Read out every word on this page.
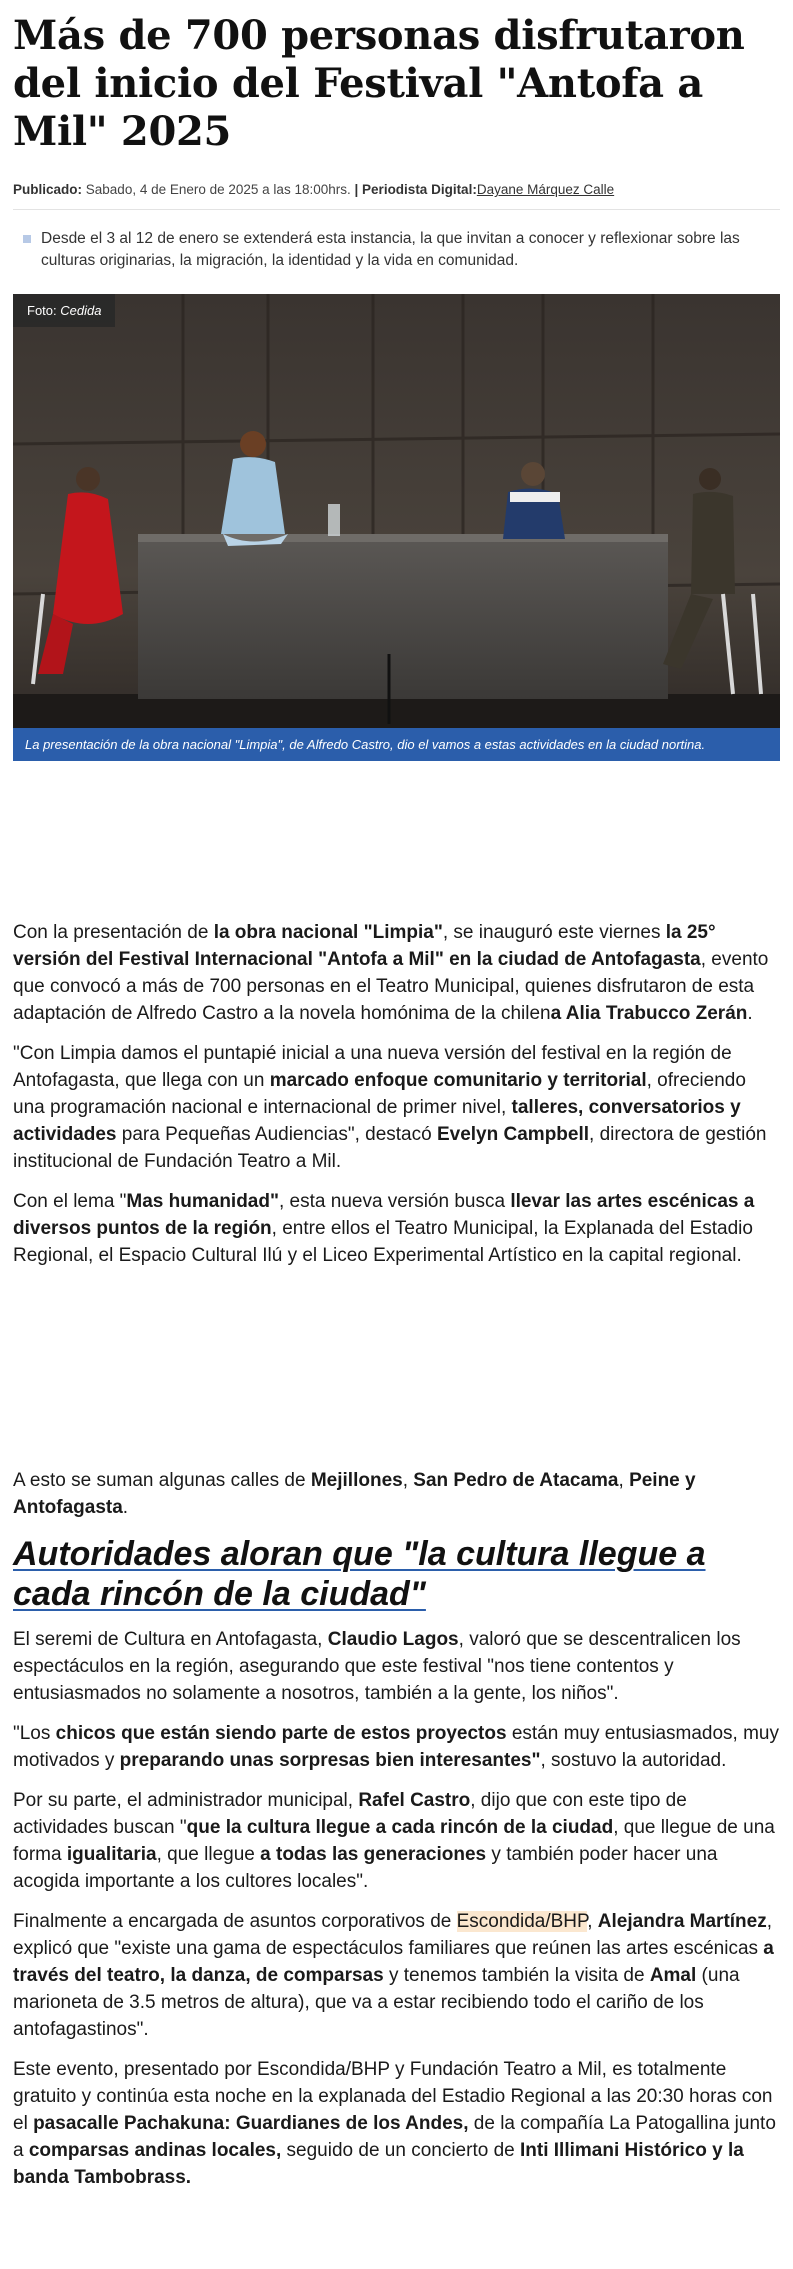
Más de 700 personas disfrutaron del inicio del Festival "Antofa a Mil" 2025
Publicado: Sabado, 4 de Enero de 2025 a las 18:00hrs. | Periodista Digital:Dayane Márquez Calle
Desde el 3 al 12 de enero se extenderá esta instancia, la que invitan a conocer y reflexionar sobre las culturas originarias, la migración, la identidad y la vida en comunidad.
Foto: Cedida
La presentación de la obra nacional "Limpia", de Alfredo Castro, dio el vamos a estas actividades en la ciudad nortina.

Con la presentación de la obra nacional "Limpia", se inauguró este viernes la 25° versión del Festival Internacional "Antofa a Mil" en la ciudad de Antofagasta, evento que convocó a más de 700 personas en el Teatro Municipal, quienes disfrutaron de esta adaptación de Alfredo Castro a la novela homónima de la chilena Alia Trabucco Zerán.

"Con Limpia damos el puntapié inicial a una nueva versión del festival en la región de Antofagasta, que llega con un marcado enfoque comunitario y territorial, ofreciendo una programación nacional e internacional de primer nivel, talleres, conversatorios y actividades para Pequeñas Audiencias", destacó Evelyn Campbell, directora de gestión institucional de Fundación Teatro a Mil.

Con el lema "Mas humanidad", esta nueva versión busca llevar las artes escénicas a diversos puntos de la región, entre ellos el Teatro Municipal, la Explanada del Estadio Regional, el Espacio Cultural Ilú y el Liceo Experimental Artístico en la capital regional.

A esto se suman algunas calles de Mejillones, San Pedro de Atacama, Peine y Antofagasta.

Autoridades aloran que "la cultura llegue a cada rincón de la ciudad"

El seremi de Cultura en Antofagasta, Claudio Lagos, valoró que se descentralicen los espectáculos en la región, asegurando que este festival "nos tiene contentos y entusiasmados no solamente a nosotros, también a la gente, los niños".

"Los chicos que están siendo parte de estos proyectos están muy entusiasmados, muy motivados y preparando unas sorpresas bien interesantes", sostuvo la autoridad.

Por su parte, el administrador municipal, Rafel Castro, dijo que con este tipo de actividades buscan "que la cultura llegue a cada rincón de la ciudad, que llegue de una forma igualitaria, que llegue a todas las generaciones y también poder hacer una acogida importante a los cultores locales".

Finalmente a encargada de asuntos corporativos de Escondida/BHP, Alejandra Martínez, explicó que "existe una gama de espectáculos familiares que reúnen las artes escénicas a través del teatro, la danza, de comparsas y tenemos también la visita de Amal (una marioneta de 3.5 metros de altura), que va a estar recibiendo todo el cariño de los antofagastinos".

Este evento, presentado por Escondida/BHP y Fundación Teatro a Mil, es totalmente gratuito y continúa esta noche en la explanada del Estadio Regional a las 20:30 horas con el pasacalle Pachakuna: Guardianes de los Andes, de la compañía La Patogallina junto a comparsas andinas locales, seguido de un concierto de Inti Illimani Histórico y la banda Tambobrass.
